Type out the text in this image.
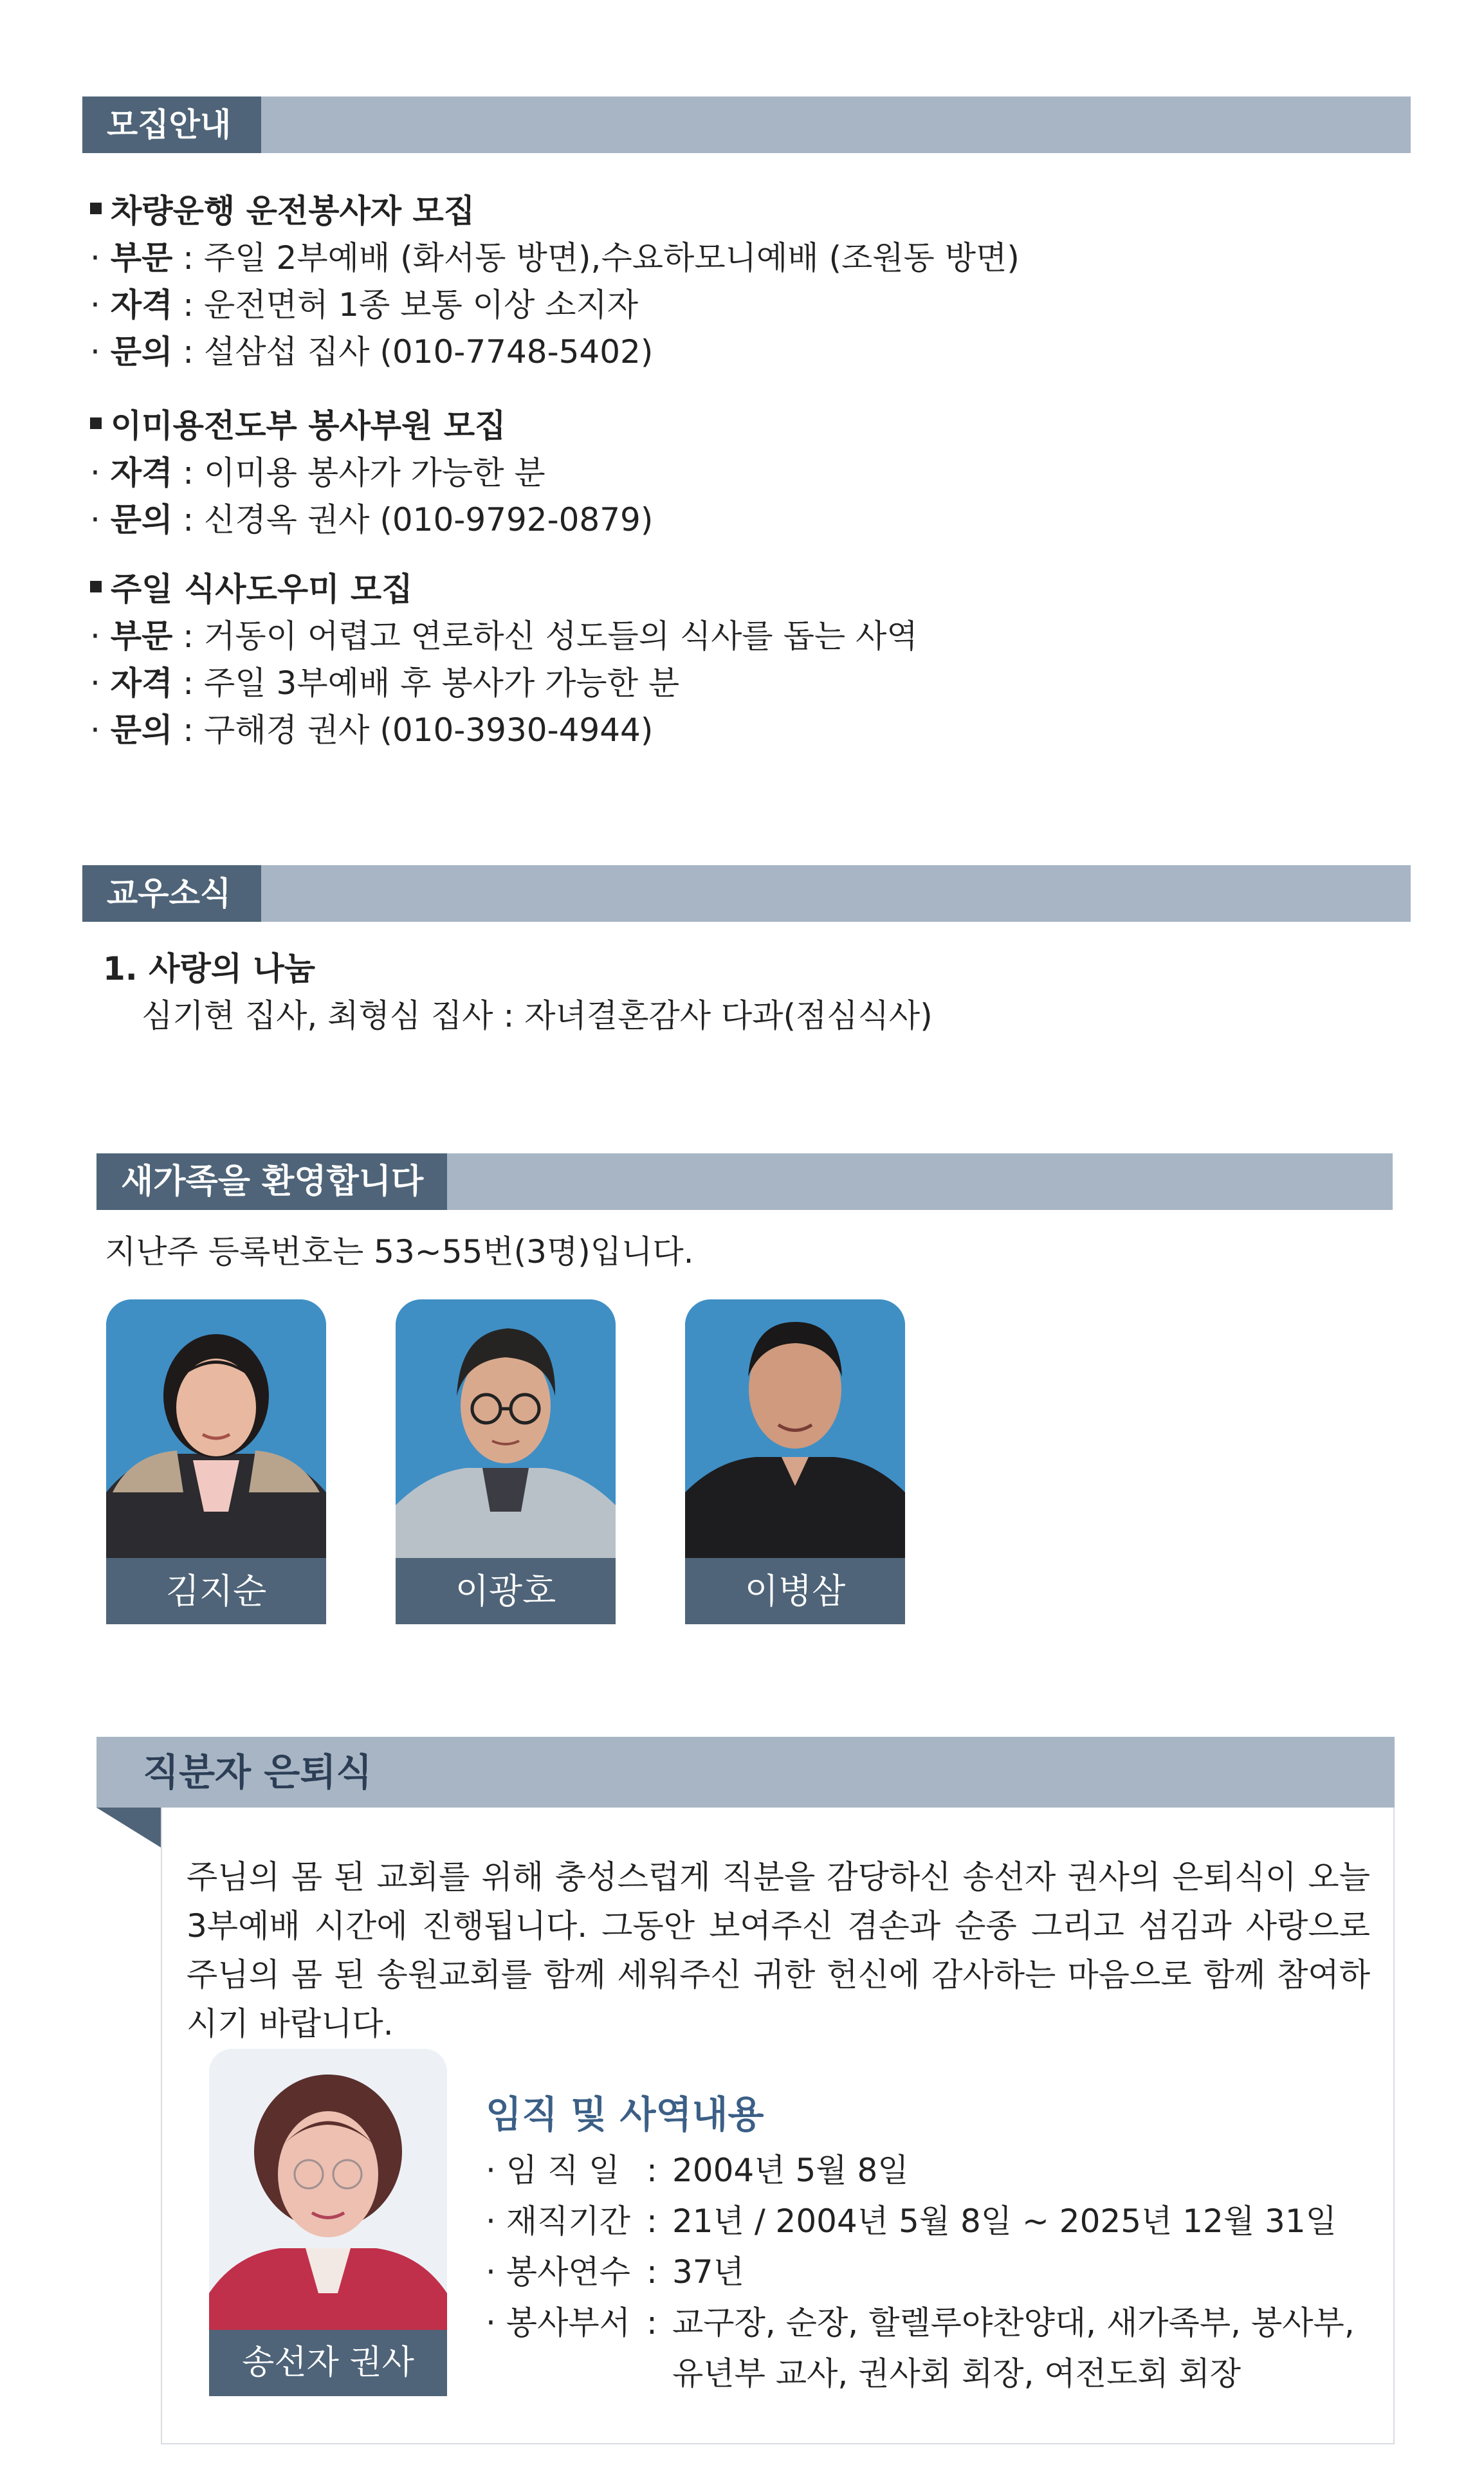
모집안내
차량운행 운전봉사자 모집
· 부문 : 주일 2부예배 (화서동 방면),수요하모니예배 (조원동 방면)
· 자격 : 운전면허 1종 보통 이상 소지자
· 문의 : 설삼섭 집사 (010-7748-5402)
이미용전도부 봉사부원 모집
· 자격 : 이미용 봉사가 가능한 분
· 문의 : 신경옥 권사 (010-9792-0879)
주일 식사도우미 모집
· 부문 : 거동이 어렵고 연로하신 성도들의 식사를 돕는 사역
· 자격 : 주일 3부예배 후 봉사가 가능한 분
· 문의 : 구해경 권사 (010-3930-4944)
교우소식
1. 사랑의 나눔
심기현 집사, 최형심 집사 : 자녀결혼감사 다과(점심식사)
새가족을 환영합니다
지난주 등록번호는 53~55번(3명)입니다.
김지순	이광호	이병삼
직분자 은퇴식
주님의 몸 된 교회를 위해 충성스럽게 직분을 감당하신 송선자 권사의 은퇴식이 오늘 3부예배 시간에 진행됩니다. 그동안 보여주신 겸손과 순종 그리고 섬김과 사랑으로 주님의 몸 된 송원교회를 함께 세워주신 귀한 헌신에 감사하는 마음으로 함께 참여하시기 바랍니다.
송선자 권사
임직 및 사역내용
· 임 직 일 : 2004년 5월 8일
· 재직기간 : 21년 / 2004년 5월 8일 ~ 2025년 12월 31일
· 봉사연수 : 37년
· 봉사부서 : 교구장, 순장, 할렐루야찬양대, 새가족부, 봉사부,
유년부 교사, 권사회 회장, 여전도회 회장
